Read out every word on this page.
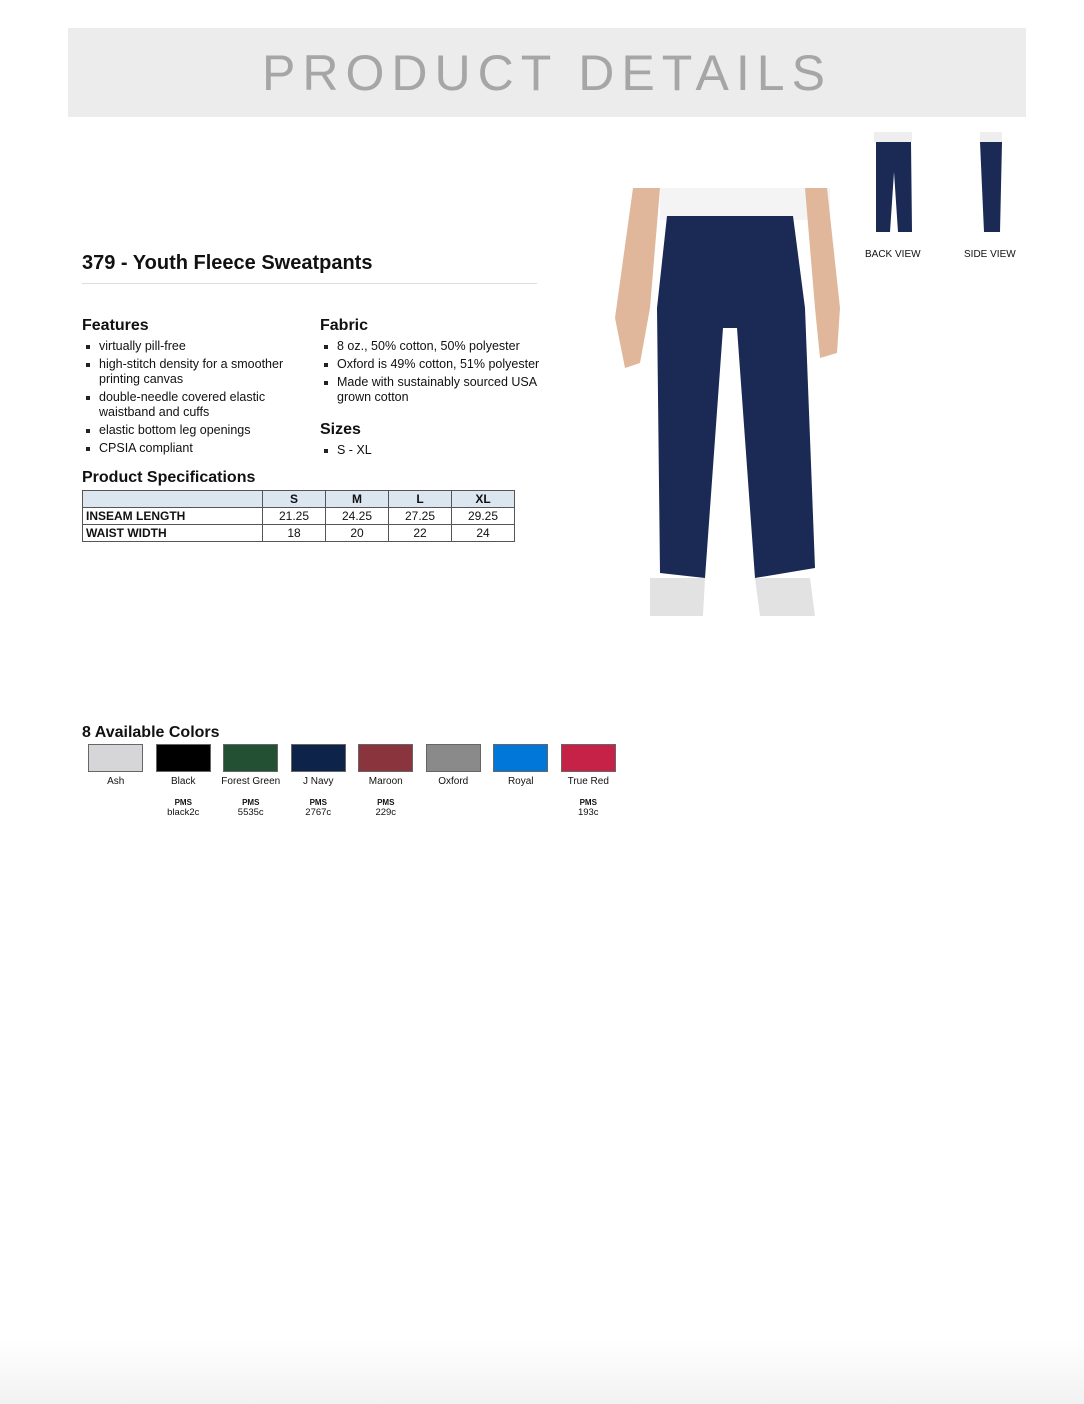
PRODUCT DETAILS
379 - Youth Fleece Sweatpants
Features
virtually pill-free
high-stitch density for a smoother printing canvas
double-needle covered elastic waistband and cuffs
elastic bottom leg openings
CPSIA compliant
Fabric
8 oz., 50% cotton, 50% polyester
Oxford is 49% cotton, 51% polyester
Made with sustainably sourced USA grown cotton
Sizes
S - XL
Product Specifications
	S	M	L	XL
INSEAM LENGTH	21.25	24.25	27.25	29.25
WAIST WIDTH	18	20	22	24
BACK VIEW	SIDE VIEW
8 Available Colors
Ash	Black
PMS
black2c
Forest Green
PMS
5535c
J Navy
PMS
2767c
Maroon
PMS
229c
Oxford	Royal	True Red
PMS
193c
